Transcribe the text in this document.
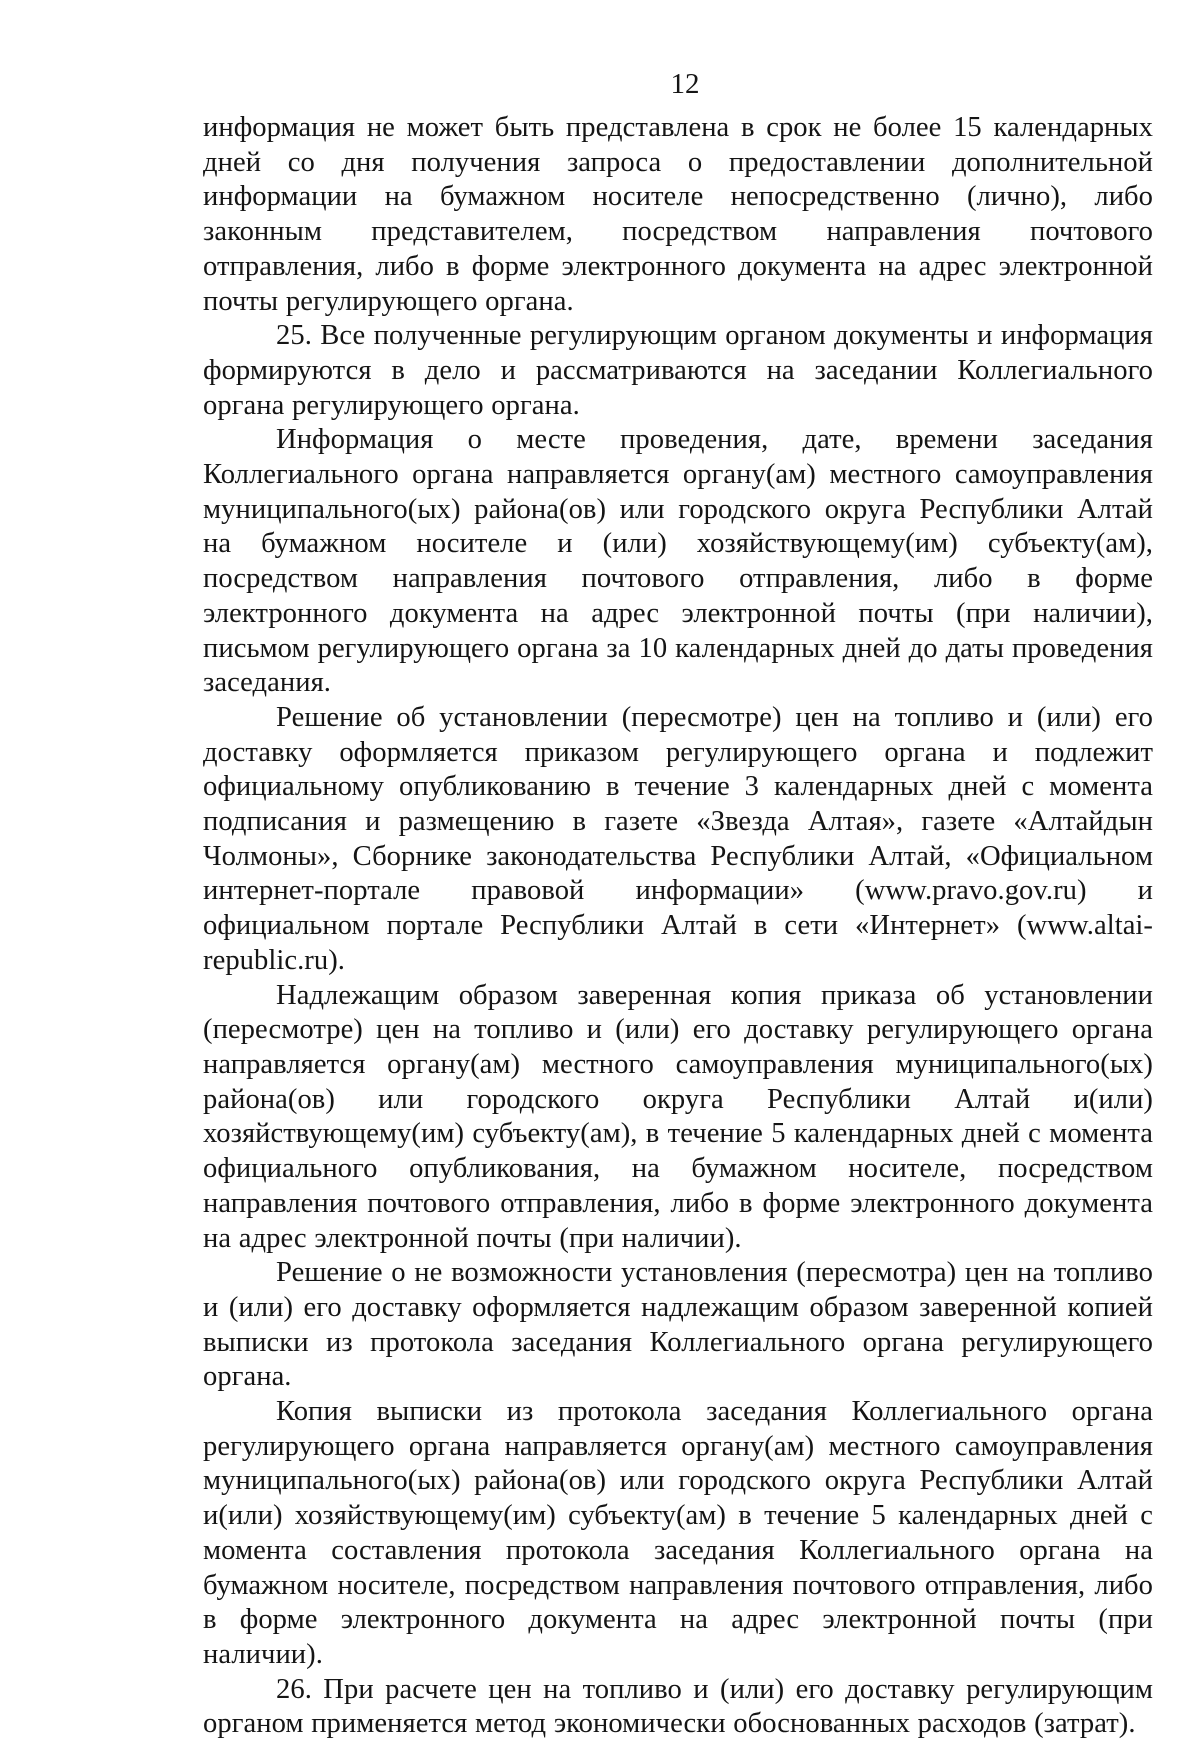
12

информация не может быть представлена в срок не более 15 календарных дней со дня получения запроса о предоставлении дополнительной информации на бумажном носителе непосредственно (лично), либо законным представителем, посредством направления почтового отправления, либо в форме электронного документа на адрес электронной почты регулирующего органа.

25. Все полученные регулирующим органом документы и информация формируются в дело и рассматриваются на заседании Коллегиального органа регулирующего органа.

Информация о месте проведения, дате, времени заседания Коллегиального органа направляется органу(ам) местного самоуправления муниципального(ых) района(ов) или городского округа Республики Алтай на бумажном носителе и (или) хозяйствующему(им) субъекту(ам), посредством направления почтового отправления, либо в форме электронного документа на адрес электронной почты (при наличии), письмом регулирующего органа за 10 календарных дней до даты проведения заседания.

Решение об установлении (пересмотре) цен на топливо и (или) его доставку оформляется приказом регулирующего органа и подлежит официальному опубликованию в течение 3 календарных дней с момента подписания и размещению в газете «Звезда Алтая», газете «Алтайдын Чолмоны», Сборнике законодательства Республики Алтай, «Официальном интернет-портале правовой информации» (www.pravo.gov.ru) и официальном портале Республики Алтай в сети «Интернет» (www.altai-republic.ru).

Надлежащим образом заверенная копия приказа об установлении (пересмотре) цен на топливо и (или) его доставку регулирующего органа направляется органу(ам) местного самоуправления муниципального(ых) района(ов) или городского округа Республики Алтай и(или) хозяйствующему(им) субъекту(ам), в течение 5 календарных дней с момента официального опубликования, на бумажном носителе, посредством направления почтового отправления, либо в форме электронного документа на адрес электронной почты (при наличии).

Решение о не возможности установления (пересмотра) цен на топливо и (или) его доставку оформляется надлежащим образом заверенной копией выписки из протокола заседания Коллегиального органа регулирующего органа.

Копия выписки из протокола заседания Коллегиального органа регулирующего органа направляется органу(ам) местного самоуправления муниципального(ых) района(ов) или городского округа Республики Алтай и(или) хозяйствующему(им) субъекту(ам) в течение 5 календарных дней с момента составления протокола заседания Коллегиального органа на бумажном носителе, посредством направления почтового отправления, либо в форме электронного документа на адрес электронной почты (при наличии).

26. При расчете цен на топливо и (или) его доставку регулирующим органом применяется метод экономически обоснованных расходов (затрат).
